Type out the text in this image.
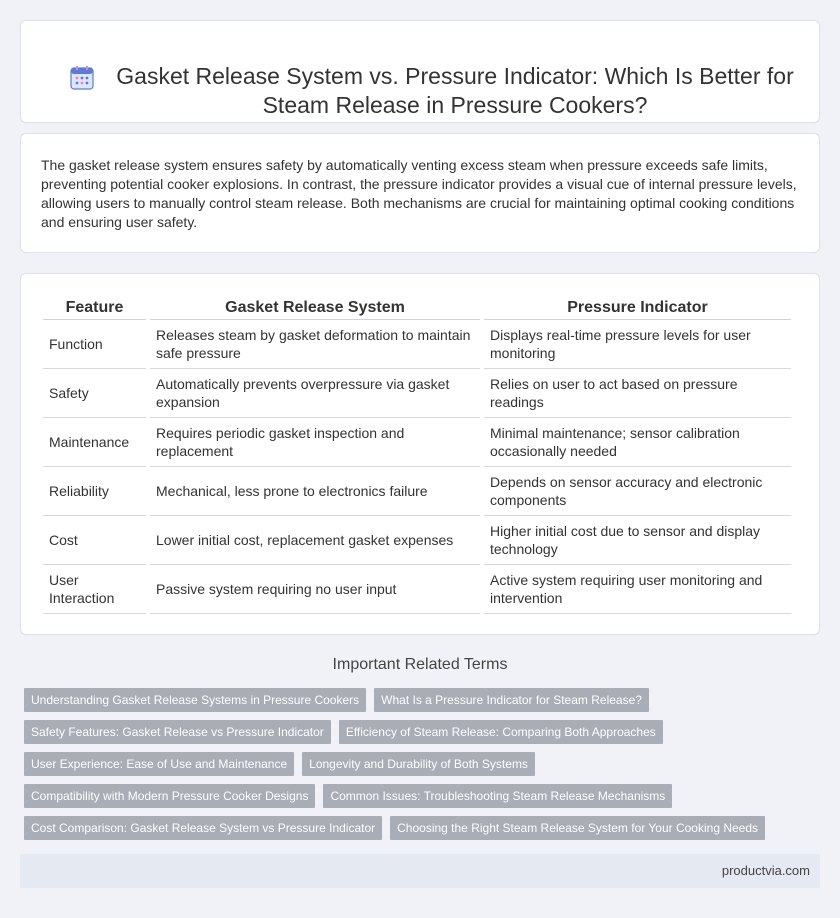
Gasket Release System vs. Pressure Indicator: Which Is Better for Steam Release in Pressure Cookers?

The gasket release system ensures safety by automatically venting excess steam when pressure exceeds safe limits, preventing potential cooker explosions. In contrast, the pressure indicator provides a visual cue of internal pressure levels, allowing users to manually control steam release. Both mechanisms are crucial for maintaining optimal cooking conditions and ensuring user safety.

Feature	Gasket Release System	Pressure Indicator
Function	Releases steam by gasket deformation to maintain safe pressure	Displays real-time pressure levels for user monitoring
Safety	Automatically prevents overpressure via gasket expansion	Relies on user to act based on pressure readings
Maintenance	Requires periodic gasket inspection and replacement	Minimal maintenance; sensor calibration occasionally needed
Reliability	Mechanical, less prone to electronics failure	Depends on sensor accuracy and electronic components
Cost	Lower initial cost, replacement gasket expenses	Higher initial cost due to sensor and display technology
User Interaction	Passive system requiring no user input	Active system requiring user monitoring and intervention
Important Related Terms
Understanding Gasket Release Systems in Pressure Cookers	What Is a Pressure Indicator for Steam Release?
Safety Features: Gasket Release vs Pressure Indicator	Efficiency of Steam Release: Comparing Both Approaches
User Experience: Ease of Use and Maintenance	Longevity and Durability of Both Systems
Compatibility with Modern Pressure Cooker Designs	Common Issues: Troubleshooting Steam Release Mechanisms
Cost Comparison: Gasket Release System vs Pressure Indicator	Choosing the Right Steam Release System for Your Cooking Needs
productvia.com
